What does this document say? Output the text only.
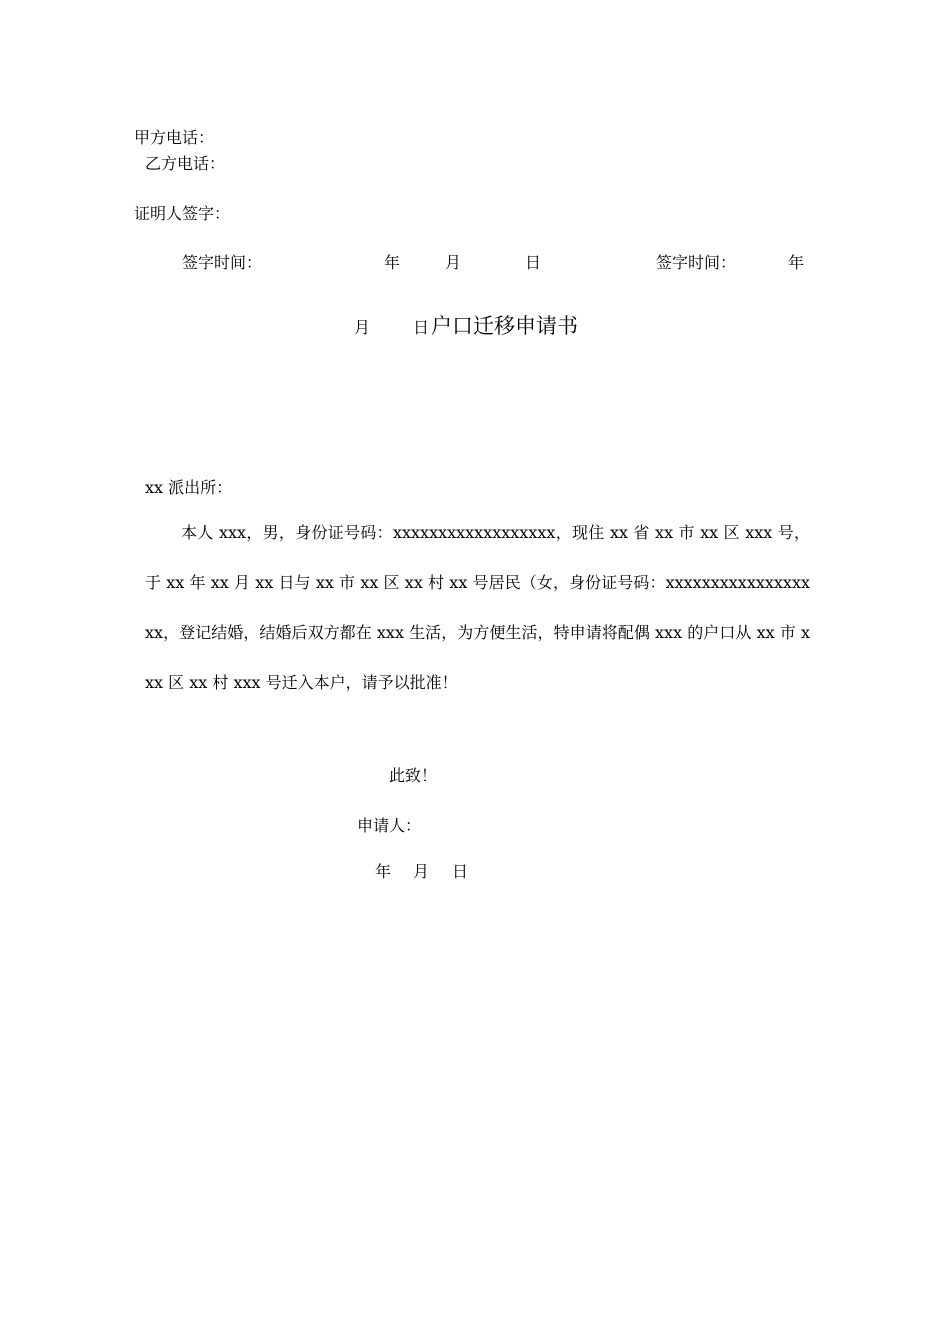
甲方电话：
乙方电话：
证明人签字：
签字时间：	年	月	日	签字时间：	年
月	日 户口迁移申请书
xx 派出所：
本人 xxx，男，身份证号码：xxxxxxxxxxxxxxxxxx，现住 xx 省 xx 市 xx 区 xxx 号，于 xx 年 xx 月 xx 日与 xx 市 xx 区 xx 村 xx 号居民（女，身份证号码：xxxxxxxxxxxxxxxxxx，登记结婚，结婚后双方都在 xxx 生活，为方便生活，特申请将配偶 xxx 的户口从 xx 市 xxx 区 xx 村 xxx 号迁入本户，请予以批准！
此致！
申请人：
年 月 日
